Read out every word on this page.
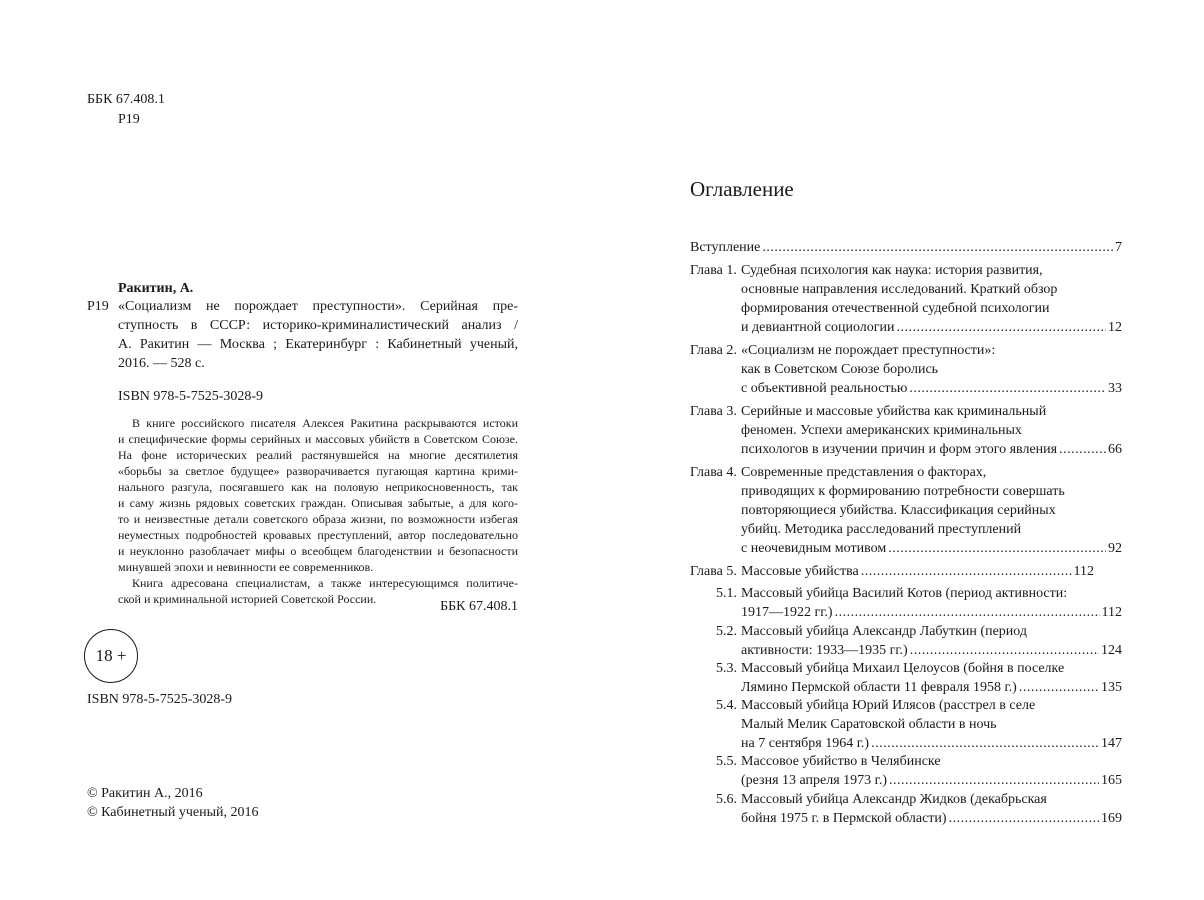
ББК 67.408.1
Р19
Ракитин, А.
Р19 «Социализм не порождает преступности». Серийная пре-
ступность в СССР: историко-криминалистический анализ /
А. Ракитин — Москва ; Екатеринбург : Кабинетный ученый,
2016. — 528 с.
ISBN 978-5-7525-3028-9
В книге российского писателя Алексея Ракитина раскрываются истоки
и специфические формы серийных и массовых убийств в Советском Союзе.
На фоне исторических реалий растянувшейся на многие десятилетия
«борьбы за светлое будущее» разворачивается пугающая картина крими-
нального разгула, посягавшего как на половую неприкосновенность, так
и саму жизнь рядовых советских граждан. Описывая забытые, а для кого-
то и неизвестные детали советского образа жизни, по возможности избегая
неуместных подробностей кровавых преступлений, автор последовательно
и неуклонно разоблачает мифы о всеобщем благоденствии и безопасности
минувшей эпохи и невинности ее современников.
Книга адресована специалистам, а также интересующимся политиче-
ской и криминальной историей Советской России.	ББК 67.408.1
18 +
ISBN 978-5-7525-3028-9
© Ракитин А., 2016
© Кабинетный ученый, 2016
Оглавление
Вступление .....	7
Глава 1. Судебная психология как наука: история развития,
основные направления исследований. Краткий обзор
формирования отечественной судебной психологии
и девиантной социологии .....	12
Глава 2. «Социализм не порождает преступности»:
как в Советском Союзе боролись
с объективной реальностью .....	33
Глава 3. Серийные и массовые убийства как криминальный
феномен. Успехи американских криминальных
психологов в изучении причин и форм этого явления .....	66
Глава 4. Современные представления о факторах,
приводящих к формированию потребности совершать
повторяющиеся убийства. Классификация серийных
убийц. Методика расследований преступлений
с неочевидным мотивом .....	92
Глава 5. Массовые убийства .....	112
5.1. Массовый убийца Василий Котов (период активности:
1917—1922 гг.) .....	112
5.2. Массовый убийца Александр Лабуткин (период
активности: 1933—1935 гг.) .....	124
5.3. Массовый убийца Михаил Целоусов (бойня в поселке
Лямино Пермской области 11 февраля 1958 г.) .....	135
5.4. Массовый убийца Юрий Илясов (расстрел в селе
Малый Мелик Саратовской области в ночь
на 7 сентября 1964 г.) .....	147
5.5. Массовое убийство в Челябинске
(резня 13 апреля 1973 г.) .....	165
5.6. Массовый убийца Александр Жидков (декабрьская
бойня 1975 г. в Пермской области) .....	169
